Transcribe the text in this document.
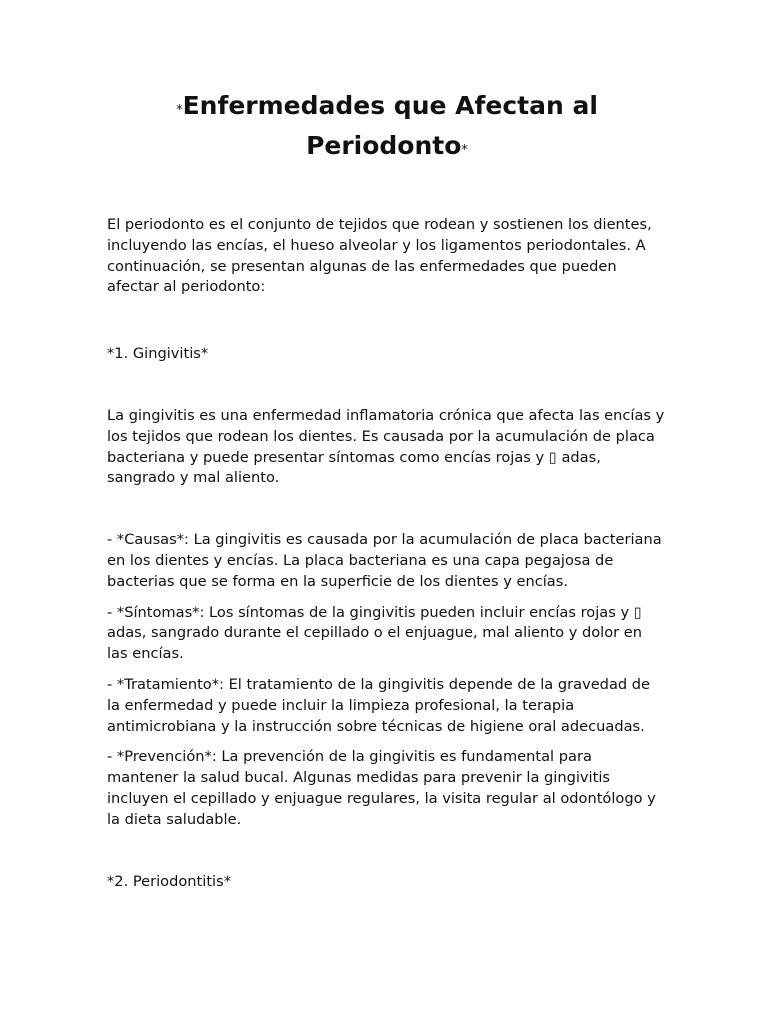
*Enfermedades que Afectan al
Periodonto*

El periodonto es el conjunto de tejidos que rodean y sostienen los dientes, incluyendo las encías, el hueso alveolar y los ligamentos periodontales. A continuación, se presentan algunas de las enfermedades que pueden afectar al periodonto:

*1. Gingivitis*

La gingivitis es una enfermedad inflamatoria crónica que afecta las encías y los tejidos que rodean los dientes. Es causada por la acumulación de placa bacteriana y puede presentar síntomas como encías rojas y ▯ adas, sangrado y mal aliento.

- *Causas*: La gingivitis es causada por la acumulación de placa bacteriana en los dientes y encías. La placa bacteriana es una capa pegajosa de bacterias que se forma en la superficie de los dientes y encías.

- *Síntomas*: Los síntomas de la gingivitis pueden incluir encías rojas y ▯ adas, sangrado durante el cepillado o el enjuague, mal aliento y dolor en las encías.

- *Tratamiento*: El tratamiento de la gingivitis depende de la gravedad de la enfermedad y puede incluir la limpieza profesional, la terapia antimicrobiana y la instrucción sobre técnicas de higiene oral adecuadas.

- *Prevención*: La prevención de la gingivitis es fundamental para mantener la salud bucal. Algunas medidas para prevenir la gingivitis incluyen el cepillado y enjuague regulares, la visita regular al odontólogo y la dieta saludable.

*2. Periodontitis*
